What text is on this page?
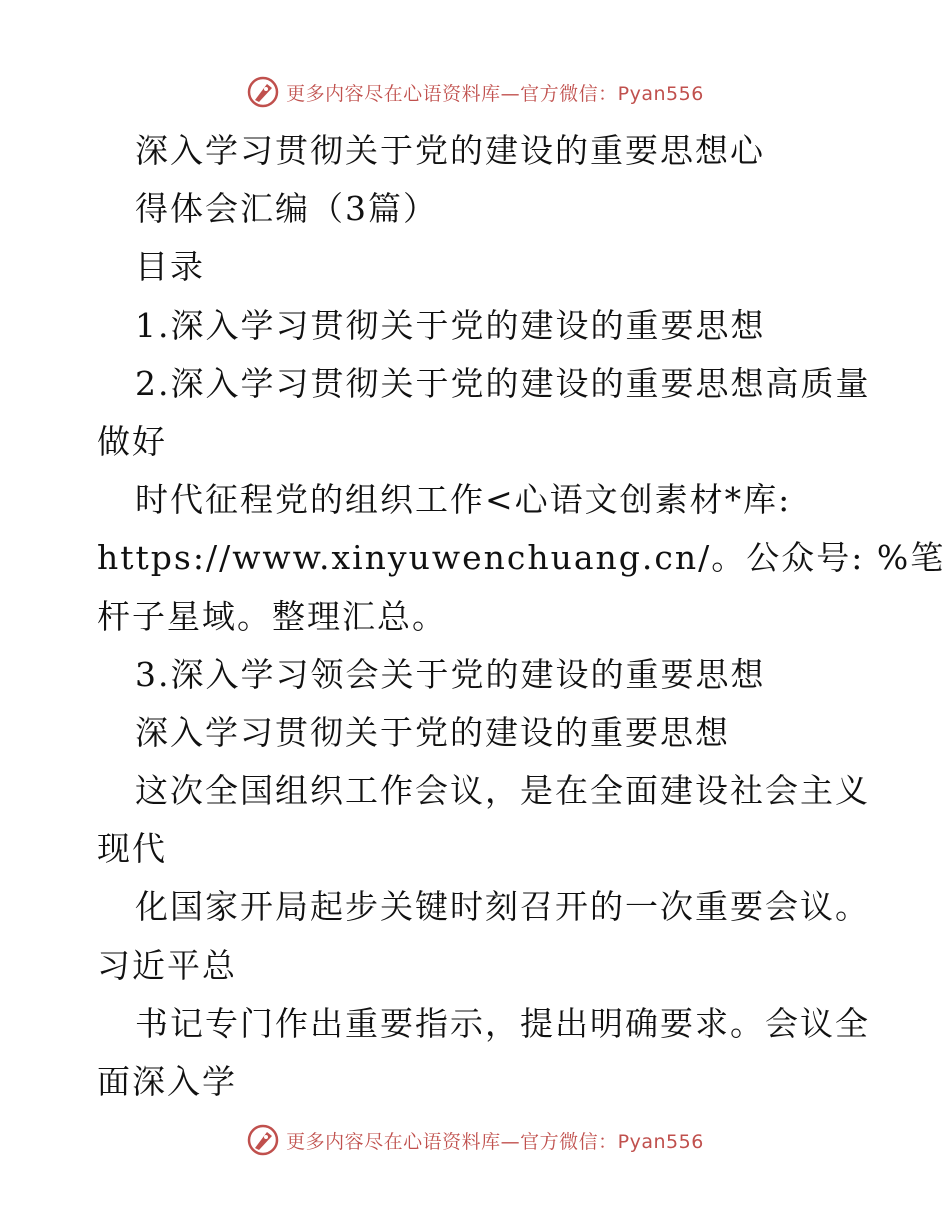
更多内容尽在心语资料库—官方微信：Pyan556
深入学习贯彻关于党的建设的重要思想心
得体会汇编（3篇）
目录
1.深入学习贯彻关于党的建设的重要思想
2.深入学习贯彻关于党的建设的重要思想高质量
做好
时代征程党的组织工作<心语文创素材*库:
https://www.xinyuwenchuang.cn/。公众号: %笔
杆子星域。整理汇总。
3.深入学习领会关于党的建设的重要思想
深入学习贯彻关于党的建设的重要思想
这次全国组织工作会议，是在全面建设社会主义
现代
化国家开局起步关键时刻召开的一次重要会议。
习近平总
书记专门作出重要指示，提出明确要求。会议全
面深入学
更多内容尽在心语资料库—官方微信：Pyan556
